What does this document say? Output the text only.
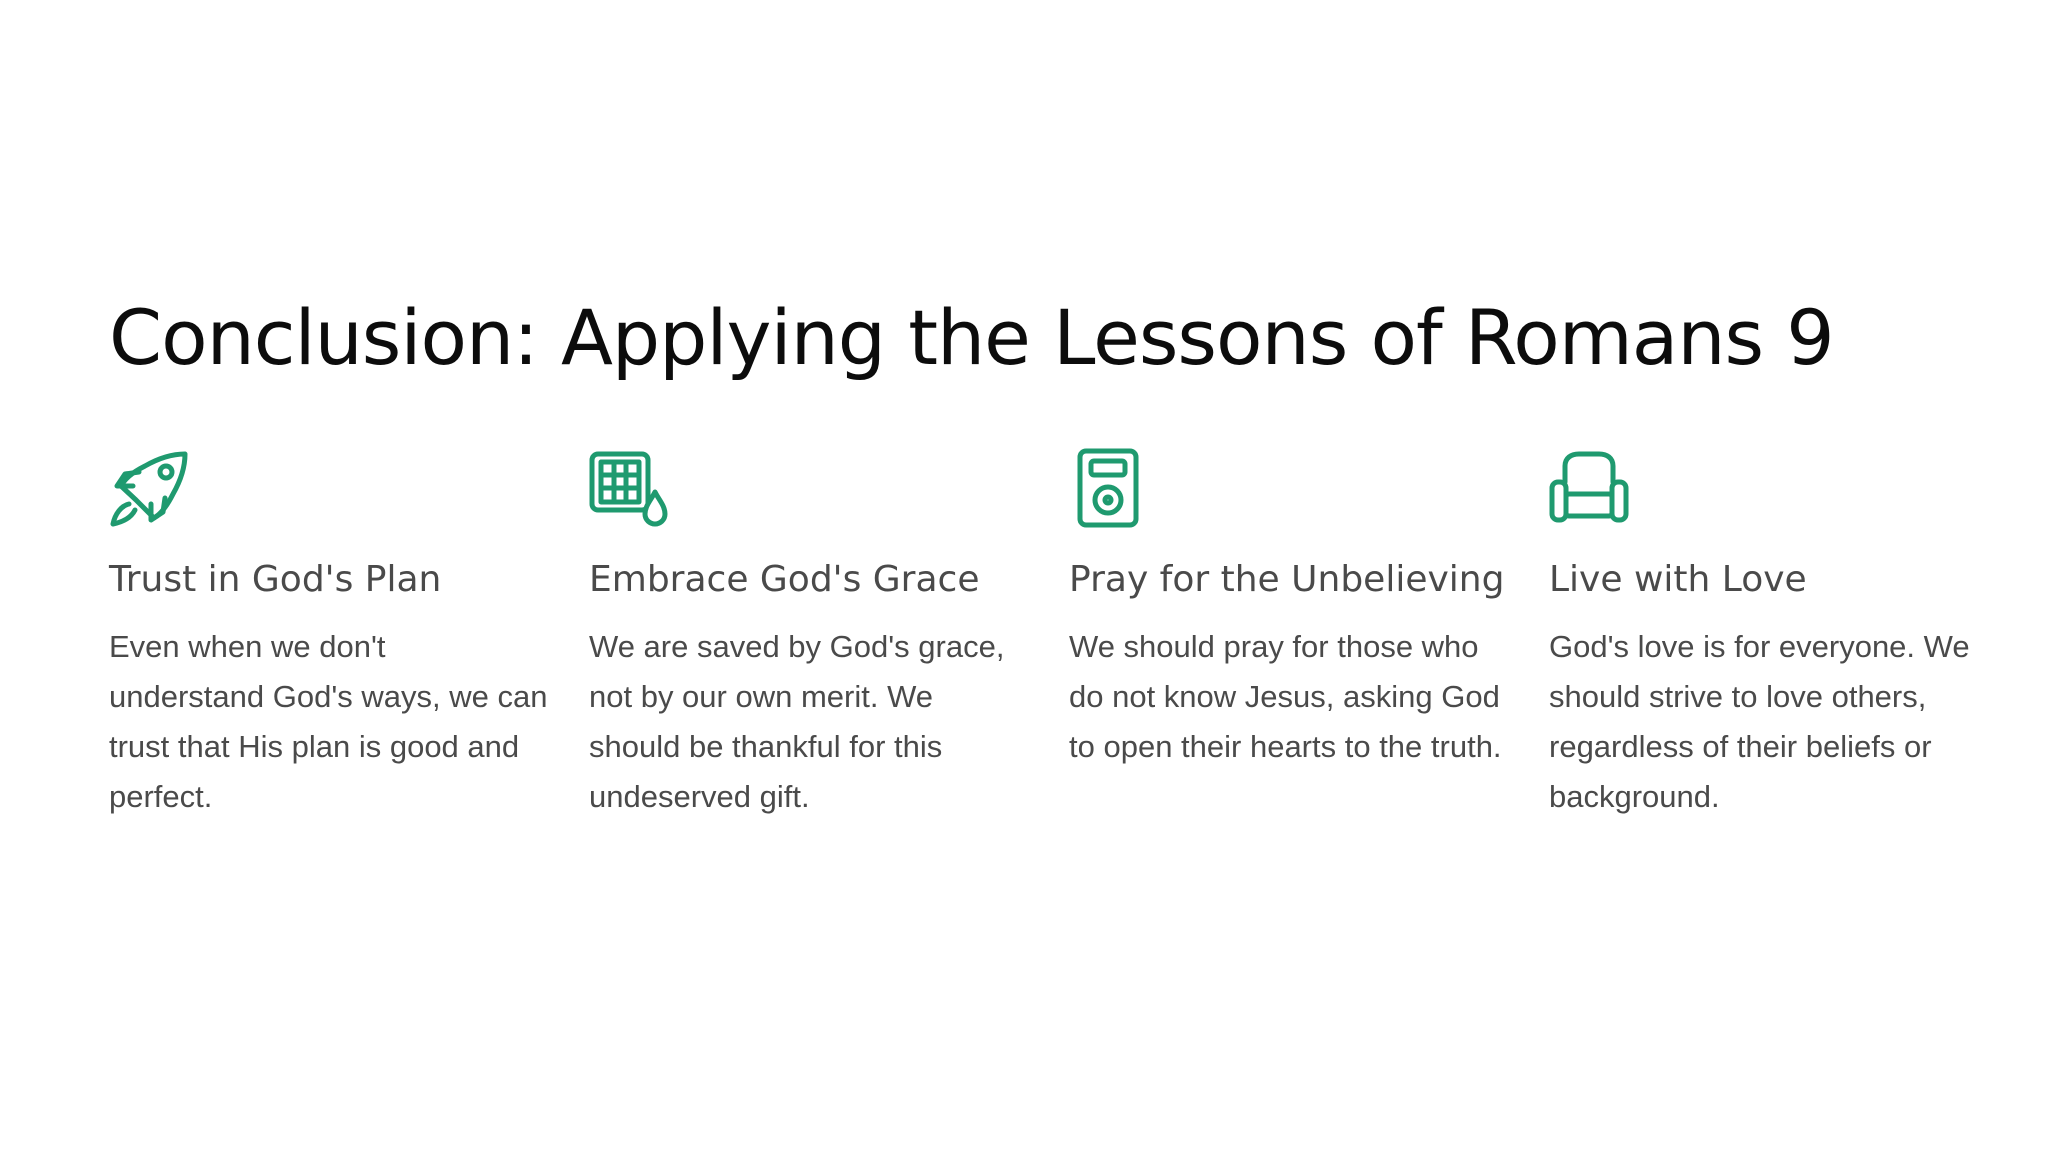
Conclusion: Applying the Lessons of Romans 9
Trust in God's Plan
Even when we don't understand God's ways, we can trust that His plan is good and perfect.
Embrace God's Grace
We are saved by God's grace, not by our own merit. We should be thankful for this undeserved gift.
Pray for the Unbelieving
We should pray for those who do not know Jesus, asking God to open their hearts to the truth.
Live with Love
God's love is for everyone. We should strive to love others, regardless of their beliefs or background.
